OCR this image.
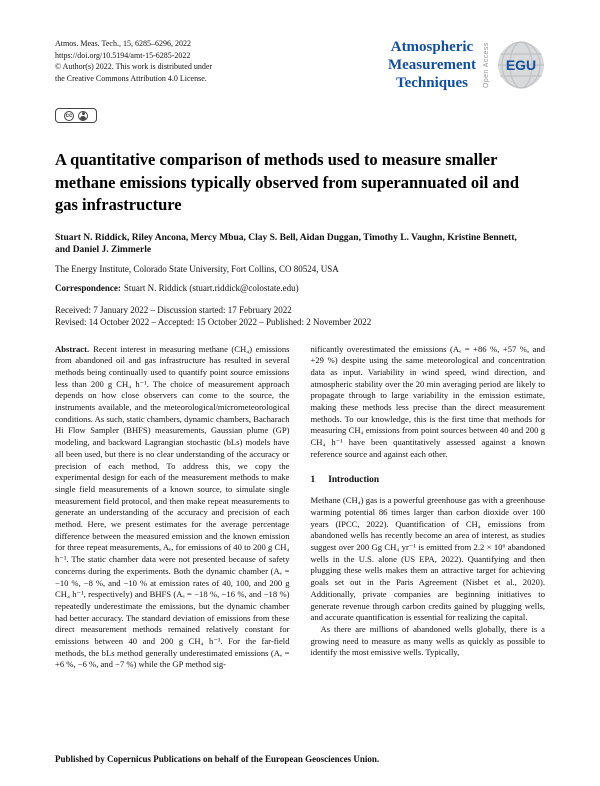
Atmos. Meas. Tech., 15, 6285–6296, 2022
https://doi.org/10.5194/amt-15-6285-2022
© Author(s) 2022. This work is distributed under
the Creative Commons Attribution 4.0 License.
cc
Atmospheric
Measurement
Techniques	Open Access EGU
A quantitative comparison of methods used to measure smaller methane emissions typically observed from superannuated oil and gas infrastructure
Stuart N. Riddick, Riley Ancona, Mercy Mbua, Clay S. Bell, Aidan Duggan, Timothy L. Vaughn, Kristine Bennett,
and Daniel J. Zimmerle
The Energy Institute, Colorado State University, Fort Collins, CO 80524, USA
Correspondence: Stuart N. Riddick (stuart.riddick@colostate.edu)
Received: 7 January 2022 – Discussion started: 17 February 2022
Revised: 14 October 2022 – Accepted: 15 October 2022 – Published: 2 November 2022

Abstract. Recent interest in measuring methane (CH₄) emissions from abandoned oil and gas infrastructure has resulted in several methods being continually used to quantify point source emissions less than 200 g CH₄ h⁻¹. The choice of measurement approach depends on how close observers can come to the source, the instruments available, and the meteorological/micrometeorological conditions. As such, static chambers, dynamic chambers, Bacharach Hi Flow Sampler (BHFS) measurements, Gaussian plume (GP) modeling, and backward Lagrangian stochastic (bLs) models have all been used, but there is no clear understanding of the accuracy or precision of each method. To address this, we copy the experimental design for each of the measurement methods to make single field measurements of a known source, to simulate single measurement field protocol, and then make repeat measurements to generate an understanding of the accuracy and precision of each method. Here, we present estimates for the average percentage difference between the measured emission and the known emission for three repeat measurements, Aₑ, for emissions of 40 to 200 g CH₄ h⁻¹. The static chamber data were not presented because of safety concerns during the experiments. Both the dynamic chamber (Aₑ = −10 %, −8 %, and −10 % at emission rates of 40, 100, and 200 g CH₄ h⁻¹, respectively) and BHFS (Aₑ = −18 %, −16 %, and −18 %) repeatedly underestimate the emissions, but the dynamic chamber had better accuracy. The standard deviation of emissions from these direct measurement methods remained relatively constant for emissions between 40 and 200 g CH₄ h⁻¹. For the far-field methods, the bLs method generally underestimated emissions (Aₑ = +6 %, −6 %, and −7 %) while the GP method sig-

nificantly overestimated the emissions (Aₑ = +86 %, +57 %, and +29 %) despite using the same meteorological and concentration data as input. Variability in wind speed, wind direction, and atmospheric stability over the 20 min averaging period are likely to propagate through to large variability in the emission estimate, making these methods less precise than the direct measurement methods. To our knowledge, this is the first time that methods for measuring CH₄ emissions from point sources between 40 and 200 g CH₄ h⁻¹ have been quantitatively assessed against a known reference source and against each other.

1 Introduction

Methane (CH₄) gas is a powerful greenhouse gas with a greenhouse warming potential 86 times larger than carbon dioxide over 100 years (IPCC, 2022). Quantification of CH₄ emissions from abandoned wells has recently become an area of interest, as studies suggest over 200 Gg CH₄ yr⁻¹ is emitted from 2.2 × 10⁶ abandoned wells in the U.S. alone (US EPA, 2022). Quantifying and then plugging these wells makes them an attractive target for achieving goals set out in the Paris Agreement (Nisbet et al., 2020). Additionally, private companies are beginning initiatives to generate revenue through carbon credits gained by plugging wells, and accurate quantification is essential for realizing the capital.

As there are millions of abandoned wells globally, there is a growing need to measure as many wells as quickly as possible to identify the most emissive wells. Typically,

Published by Copernicus Publications on behalf of the European Geosciences Union.
